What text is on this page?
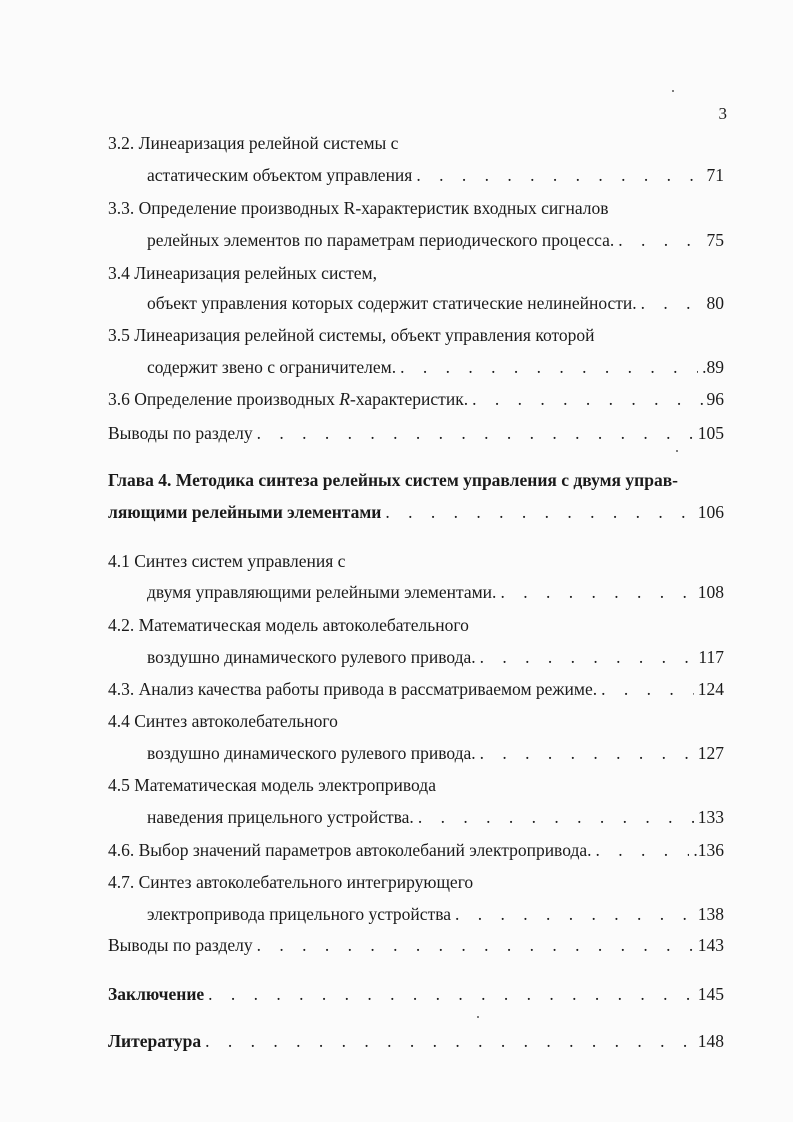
3
3.2. Линеаризация релейной системы с
астатическим объектом управления . . .	71
3.3. Определение производных R-характеристик входных сигналов
релейных элементов по параметрам периодического процесса. . . .	75
3.4 Линеаризация релейных систем,
объект управления которых содержит статические нелинейности. . . .	80
3.5 Линеаризация релейной системы, объект управления которой
содержит звено с ограничителем. . . .	.89
3.6 Определение производных R-характеристик. . . .	96
Выводы по разделу . . .	105
Глава 4. Методика синтеза релейных систем управления с двумя управ-
ляющими релейными элементами . . .	106
4.1 Синтез систем управления с
двумя управляющими релейными элементами. . . .	108
4.2. Математическая модель автоколебательного
воздушно динамического рулевого привода. . . .	117
4.3. Анализ качества работы привода в рассматриваемом режиме. . . .	124
4.4 Синтез автоколебательного
воздушно динамического рулевого привода. . . .	127
4.5 Математическая модель электропривода
наведения прицельного устройства. . . .	133
4.6. Выбор значений параметров автоколебаний электропривода. . . .	.136
4.7. Синтез автоколебательного интегрирующего
электропривода прицельного устройства . . .	138
Выводы по разделу . . .	143
Заключение . . .	145
Литература . . .	148
